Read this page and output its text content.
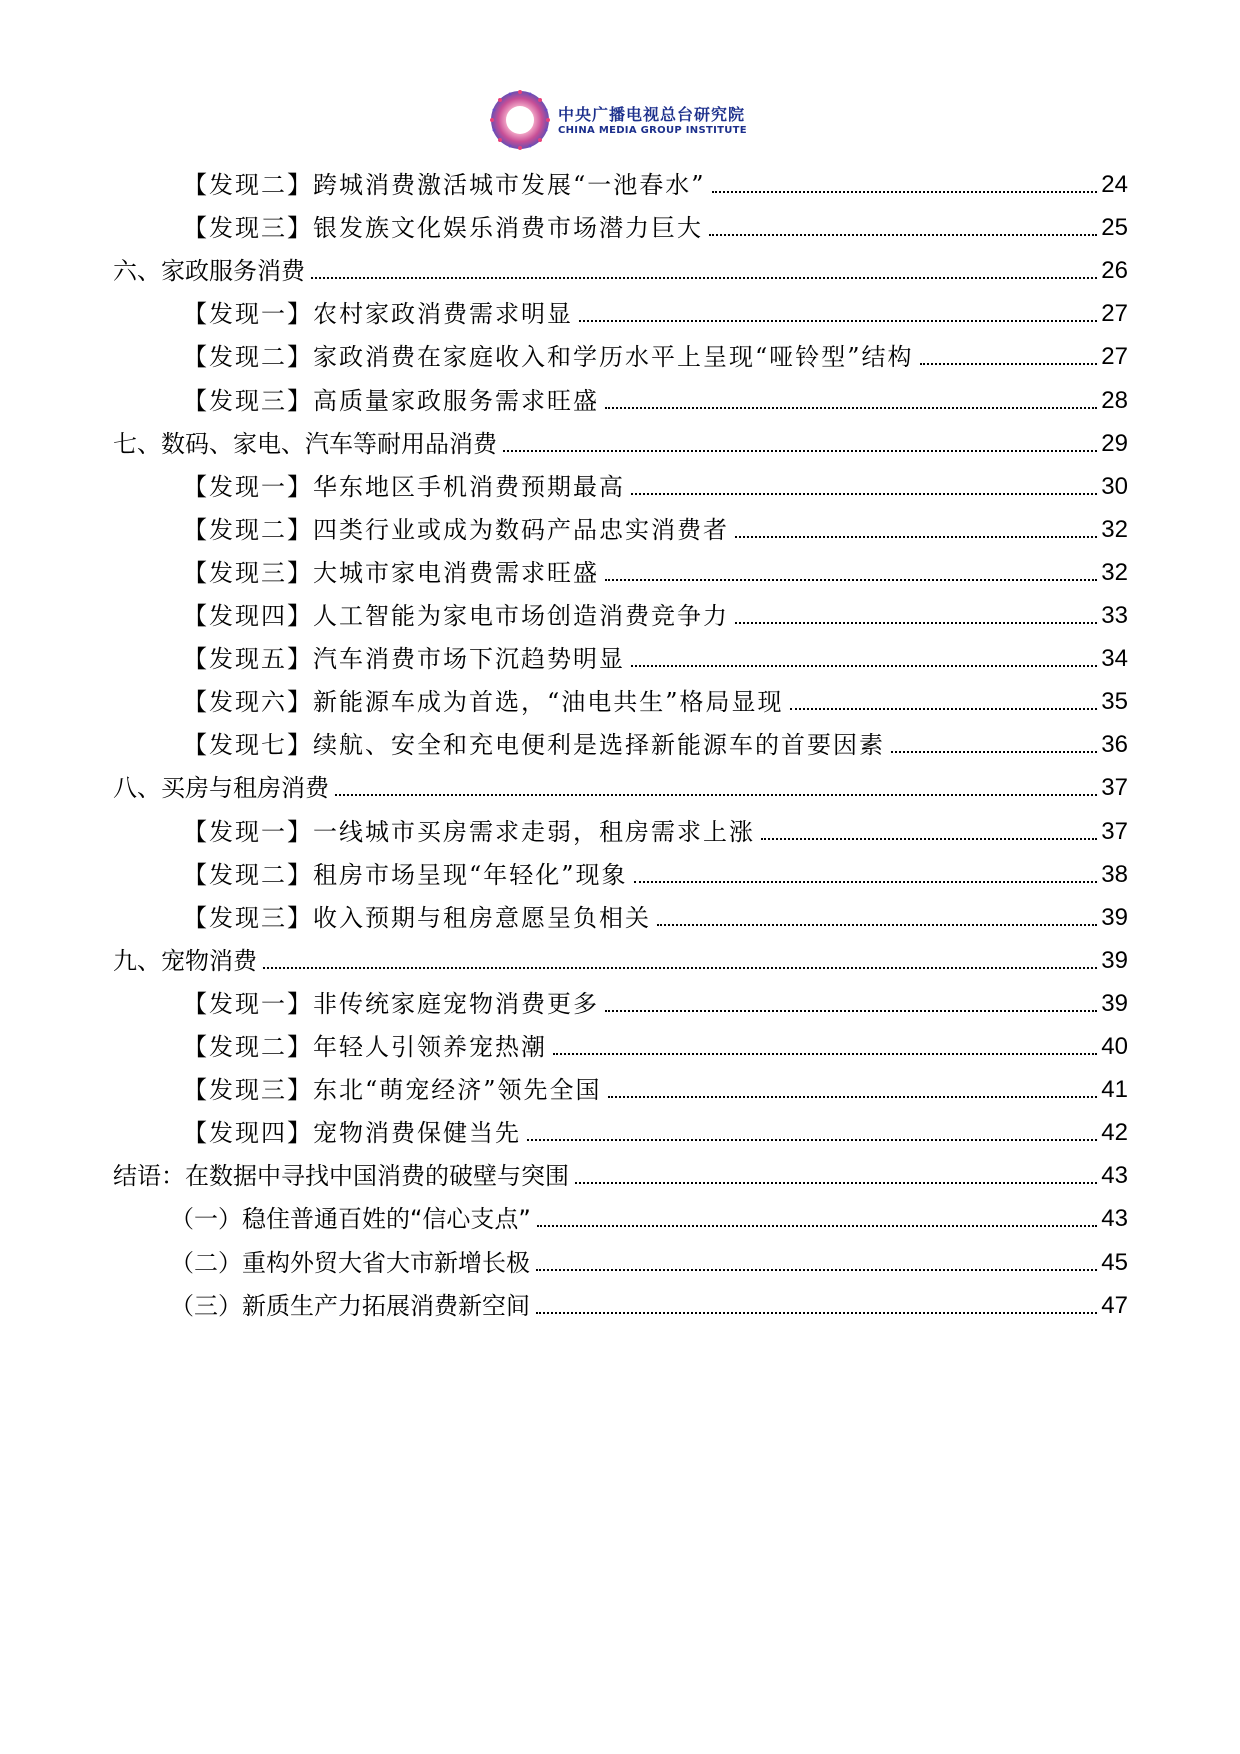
中央广播电视总台研究院
CHINA MEDIA GROUP INSTITUTE
【发现二】跨城消费激活城市发展“一池春水”	24
【发现三】银发族文化娱乐消费市场潜力巨大	25
六、家政服务消费	26
【发现一】农村家政消费需求明显	27
【发现二】家政消费在家庭收入和学历水平上呈现“哑铃型”结构	27
【发现三】高质量家政服务需求旺盛	28
七、数码、家电、汽车等耐用品消费	29
【发现一】华东地区手机消费预期最高	30
【发现二】四类行业或成为数码产品忠实消费者	32
【发现三】大城市家电消费需求旺盛	32
【发现四】人工智能为家电市场创造消费竞争力	33
【发现五】汽车消费市场下沉趋势明显	34
【发现六】新能源车成为首选，“油电共生”格局显现	35
【发现七】续航、安全和充电便利是选择新能源车的首要因素	36
八、买房与租房消费	37
【发现一】一线城市买房需求走弱，租房需求上涨	37
【发现二】租房市场呈现“年轻化”现象	38
【发现三】收入预期与租房意愿呈负相关	39
九、宠物消费	39
【发现一】非传统家庭宠物消费更多	39
【发现二】年轻人引领养宠热潮	40
【发现三】东北“萌宠经济”领先全国	41
【发现四】宠物消费保健当先	42
结语：在数据中寻找中国消费的破壁与突围	43
（一）稳住普通百姓的“信心支点”	43
（二）重构外贸大省大市新增长极	45
（三）新质生产力拓展消费新空间	47
